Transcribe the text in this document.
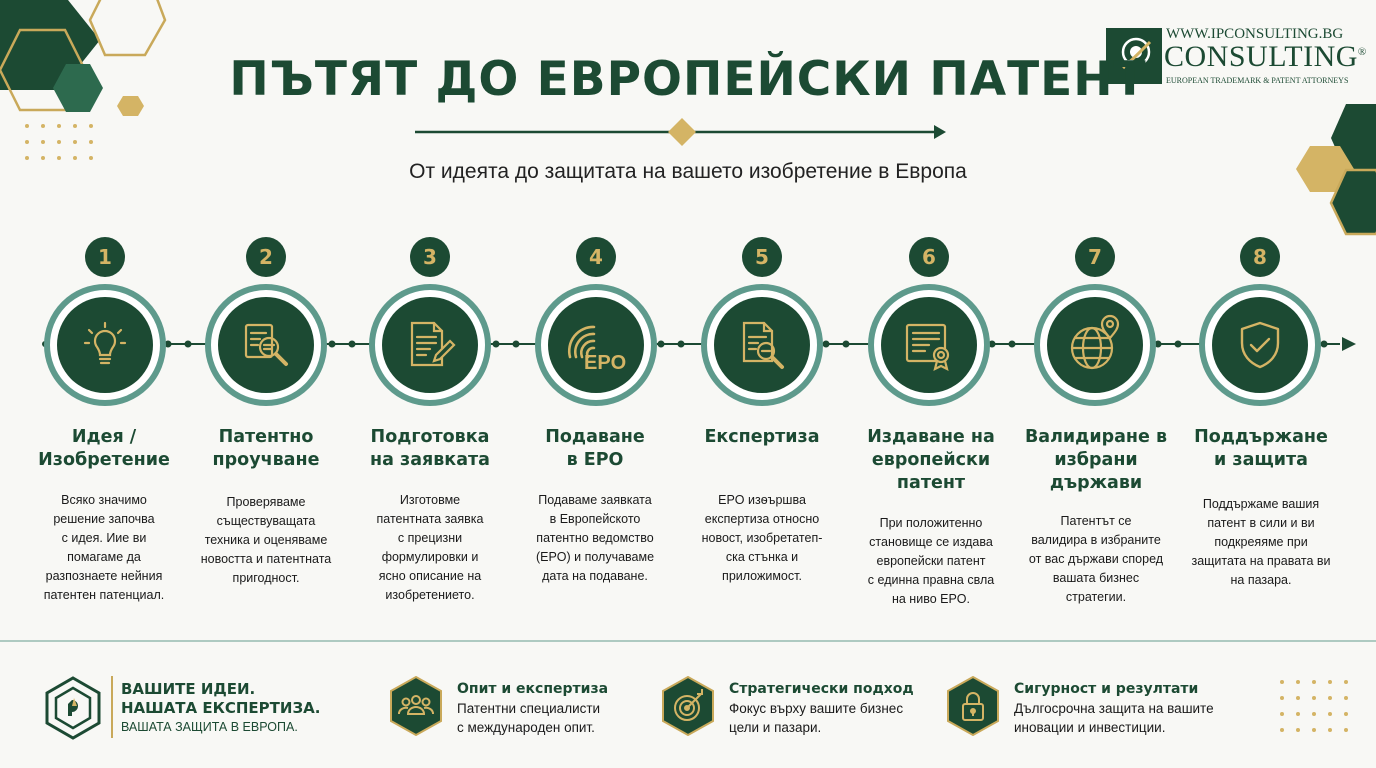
WWW.IPCONSULTING.BG
CONSULTING®
EUROPEAN TRADEMARK & PATENT ATTORNEYS
ПЪТЯТ ДО ЕВРОПЕЙСКИ ПАТЕНТ
От идеята до защитата на вашето изобретение в Европа
1
Идея /
Изобретение
Всяко значимо
решение започва
с идея. Иие ви
помагаме да
разпознаете нейния
патентен патенциал.
2
Патентно
проучване
Проверяваме
съществуващата
техника и оценяваме
новостта и патентната
пригодност.
3
Подготовка
на заявката
Изготовме
патентната заявка
с прецизни
формулировки и
ясно описание на
изобретението.
4
EPO
Подаване
в EPO
Подаваме заявката
в Европейското
патентно ведомство
(EPO) и получаваме
дата на подаване.
5
Експертиза
EPO изѳършва
експертиза относно
новост, изобретатеп-
ска стънка и
приложимост.
6
Издаване на
европейски
патент
При положитенно
становище се издава
европейски патент
с единна правна свла
на ниво EPO.
7
Валидиране в
избрани
държави
Патентът се
валидира в избраните
от вас държави според
вашата бизнес
стратегии.
8
Поддържане
и защита
Поддържаме вашия
патент в сили и ви
подкреяяме при
защитата на правата ви
на пазара.
ВАШИТЕ ИДЕИ.
НАШАТА ЕКСПЕРТИЗА.
ВАШАТА ЗАЩИТА В ЕВРОПА.
Опит и експертиза
Патентни специалисти
с международен опит.
Стратегически подход
Фокус върху вашите бизнес
цели и пазари.
Сигурност и резултати
Дългосрочна защита на вашите
иновации и инвестиции.
